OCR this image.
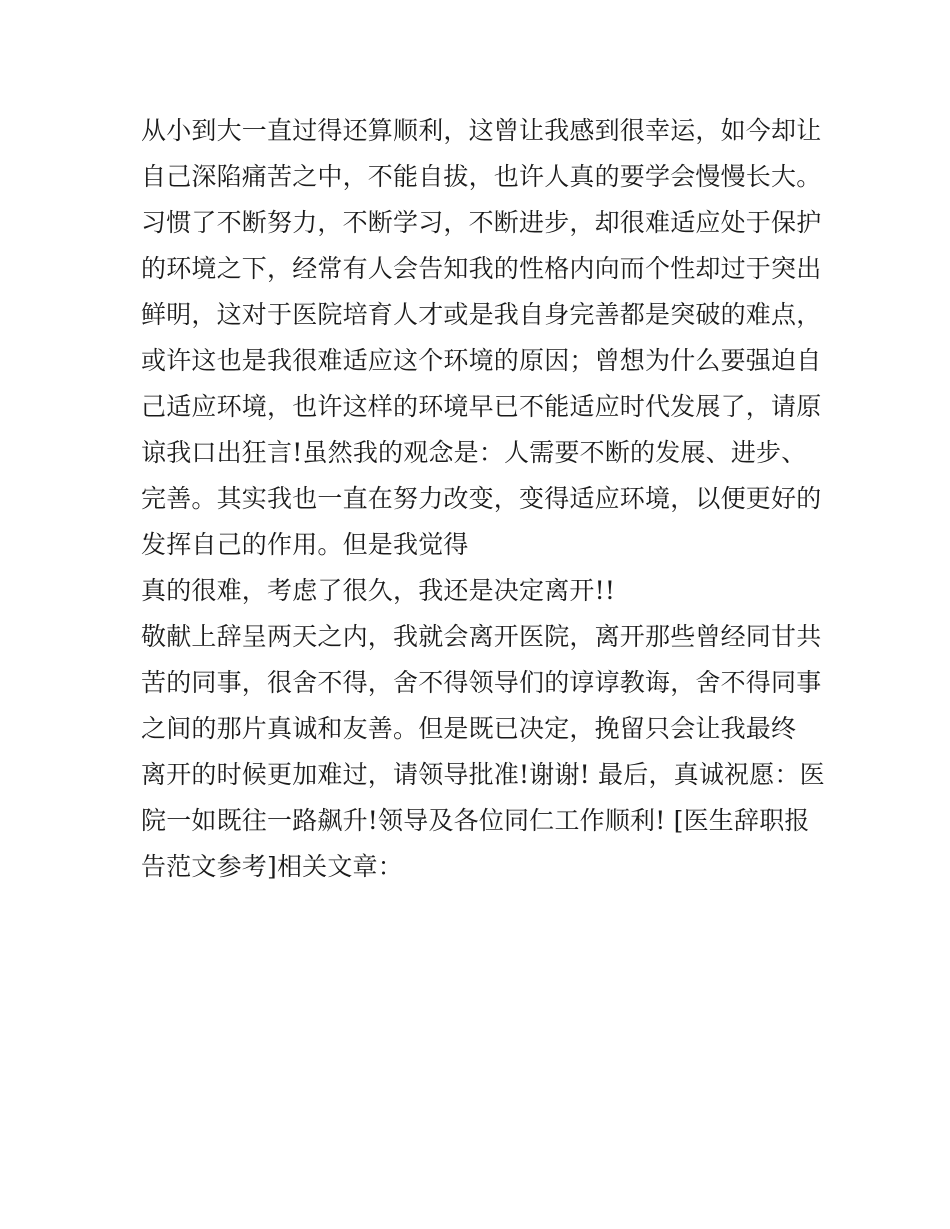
从小到大一直过得还算顺利，这曾让我感到很幸运，如今却让
自己深陷痛苦之中，不能自拔，也许人真的要学会慢慢长大。
习惯了不断努力，不断学习，不断进步，却很难适应处于保护
的环境之下，经常有人会告知我的性格内向而个性却过于突出
鲜明，这对于医院培育人才或是我自身完善都是突破的难点，
或许这也是我很难适应这个环境的原因；曾想为什么要强迫自
己适应环境，也许这样的环境早已不能适应时代发展了，请原
谅我口出狂言!虽然我的观念是：人需要不断的发展、进步、
完善。其实我也一直在努力改变，变得适应环境，以便更好的
发挥自己的作用。但是我觉得
真的很难，考虑了很久，我还是决定离开!!
敬献上辞呈两天之内，我就会离开医院，离开那些曾经同甘共
苦的同事，很舍不得，舍不得领导们的谆谆教诲，舍不得同事
之间的那片真诚和友善。但是既已决定，挽留只会让我最终
离开的时候更加难过，请领导批准!谢谢! 最后，真诚祝愿：医
院一如既往一路飙升!领导及各位同仁工作顺利! [医生辞职报
告范文参考]相关文章：
